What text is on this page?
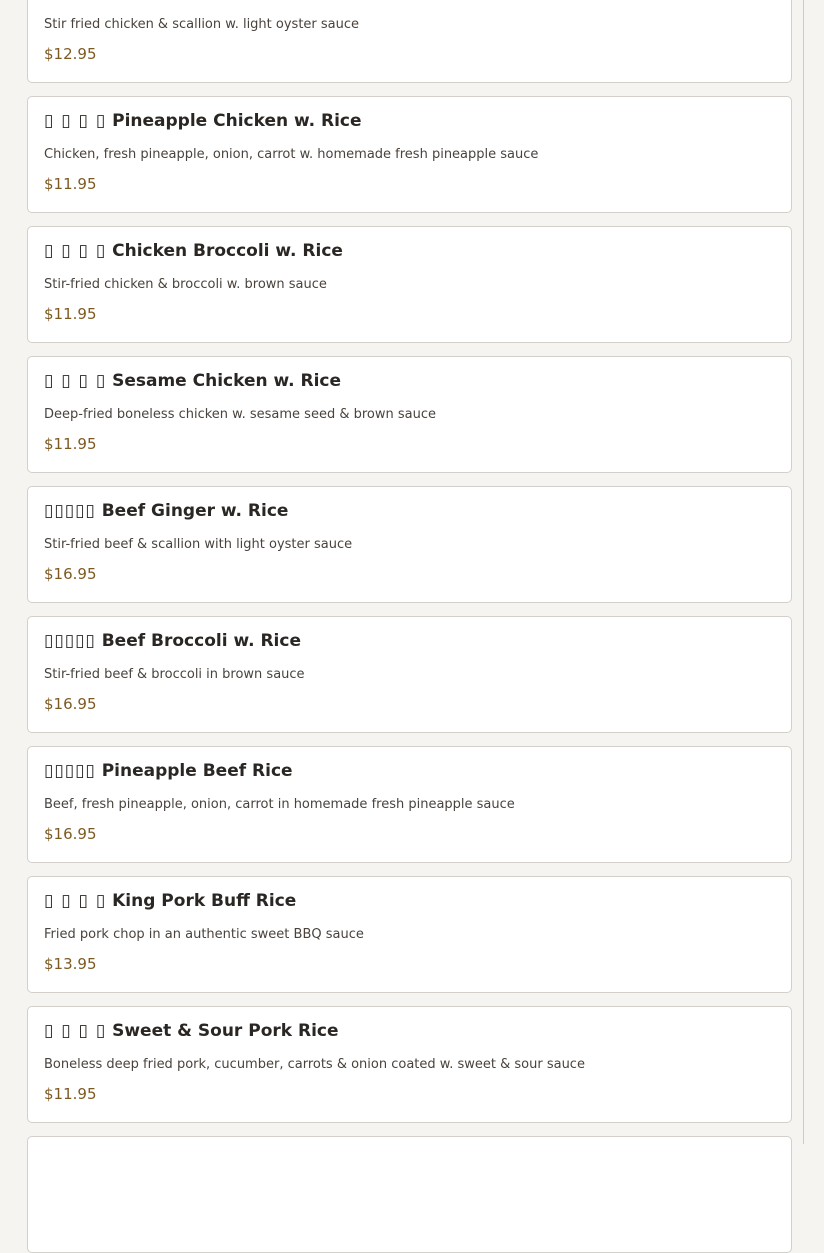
Stir fried chicken & scallion w. light oyster sauce
$12.95
▯ ▯ ▯ ▯ Pineapple Chicken w. Rice
Chicken, fresh pineapple, onion, carrot w. homemade fresh pineapple sauce
$11.95
▯ ▯ ▯ ▯ Chicken Broccoli w. Rice
Stir-fried chicken & broccoli w. brown sauce
$11.95
▯ ▯ ▯ ▯ Sesame Chicken w. Rice
Deep-fried boneless chicken w. sesame seed & brown sauce
$11.95
▯▯▯▯▯ Beef Ginger w. Rice
Stir-fried beef & scallion with light oyster sauce
$16.95
▯▯▯▯▯ Beef Broccoli w. Rice
Stir-fried beef & broccoli in brown sauce
$16.95
▯▯▯▯▯ Pineapple Beef Rice
Beef, fresh pineapple, onion, carrot in homemade fresh pineapple sauce
$16.95
▯ ▯ ▯ ▯ King Pork Buff Rice
Fried pork chop in an authentic sweet BBQ sauce
$13.95
▯ ▯ ▯ ▯ Sweet & Sour Pork Rice
Boneless deep fried pork, cucumber, carrots & onion coated w. sweet & sour sauce
$11.95
